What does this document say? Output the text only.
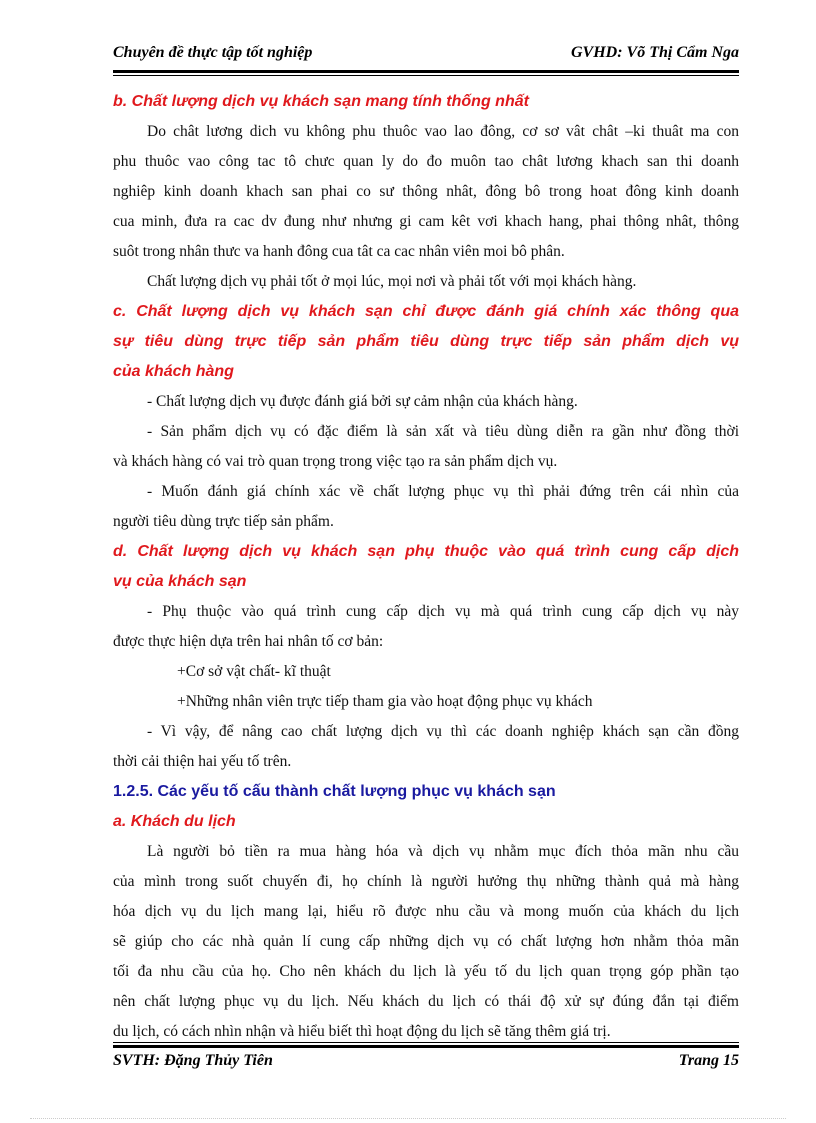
Chuyên đề thực tập tốt nghiệp	GVHD: Võ Thị Cẩm Nga
b. Chất lượng dịch vụ khách sạn mang tính thống nhất
Do chât lương dich vu không phu thuôc vao lao đông, cơ sơ vât chât –ki thuât ma con
phu thuôc vao công tac tô chưc quan ly do đo muôn tao chât lương khach san thi doanh
nghiêp kinh doanh khach san phai co sư thông nhât, đông bô trong hoat đông kinh doanh
cua minh, đưa ra cac dv đung như nhưng gi cam kêt vơi khach hang, phai thông nhât, thông
suôt trong nhân thưc va hanh đông cua tât ca cac nhân viên moi bô phân.
Chất lượng dịch vụ phải tốt ở mọi lúc, mọi nơi và phải tốt với mọi khách hàng.
c. Chất lượng dịch vụ khách sạn chỉ được đánh giá chính xác thông qua
sự tiêu dùng trực tiếp sản phẩm tiêu dùng trực tiếp sản phẩm dịch vụ
của khách hàng
- Chất lượng dịch vụ được đánh giá bởi sự cảm nhận của khách hàng.
- Sản phẩm dịch vụ có đặc điểm là sản xất và tiêu dùng diễn ra gần như đồng thời
và khách hàng có vai trò quan trọng trong việc tạo ra sản phẩm dịch vụ.
- Muốn đánh giá chính xác về chất lượng phục vụ thì phải đứng trên cái nhìn của
người tiêu dùng trực tiếp sản phẩm.
d. Chất lượng dịch vụ khách sạn phụ thuộc vào quá trình cung cấp dịch
vụ của khách sạn
- Phụ thuộc vào quá trình cung cấp dịch vụ mà quá trình cung cấp dịch vụ này
được thực hiện dựa trên hai nhân tố cơ bản:
+Cơ sở vật chất- kĩ thuật
+Những nhân viên trực tiếp tham gia vào hoạt động phục vụ khách
- Vì vậy, để nâng cao chất lượng dịch vụ thì các doanh nghiệp khách sạn cần đồng
thời cải thiện hai yếu tố trên.
1.2.5. Các yếu tố cấu thành chất lượng phục vụ khách sạn
a. Khách du lịch
Là người bỏ tiền ra mua hàng hóa và dịch vụ nhằm mục đích thỏa mãn nhu cầu
của mình trong suốt chuyến đi, họ chính là người hưởng thụ những thành quả mà hàng
hóa dịch vụ du lịch mang lại, hiểu rõ được nhu cầu và mong muốn của khách du lịch
sẽ giúp cho các nhà quản lí cung cấp những dịch vụ có chất lượng hơn nhằm thỏa mãn
tối đa nhu cầu của họ. Cho nên khách du lịch là yếu tố du lịch quan trọng góp phần tạo
nên chất lượng phục vụ du lịch. Nếu khách du lịch có thái độ xử sự đúng đắn tại điểm
du lịch, có cách nhìn nhận và hiểu biết thì hoạt động du lịch sẽ tăng thêm giá trị.
SVTH: Đặng Thủy Tiên	Trang 15
